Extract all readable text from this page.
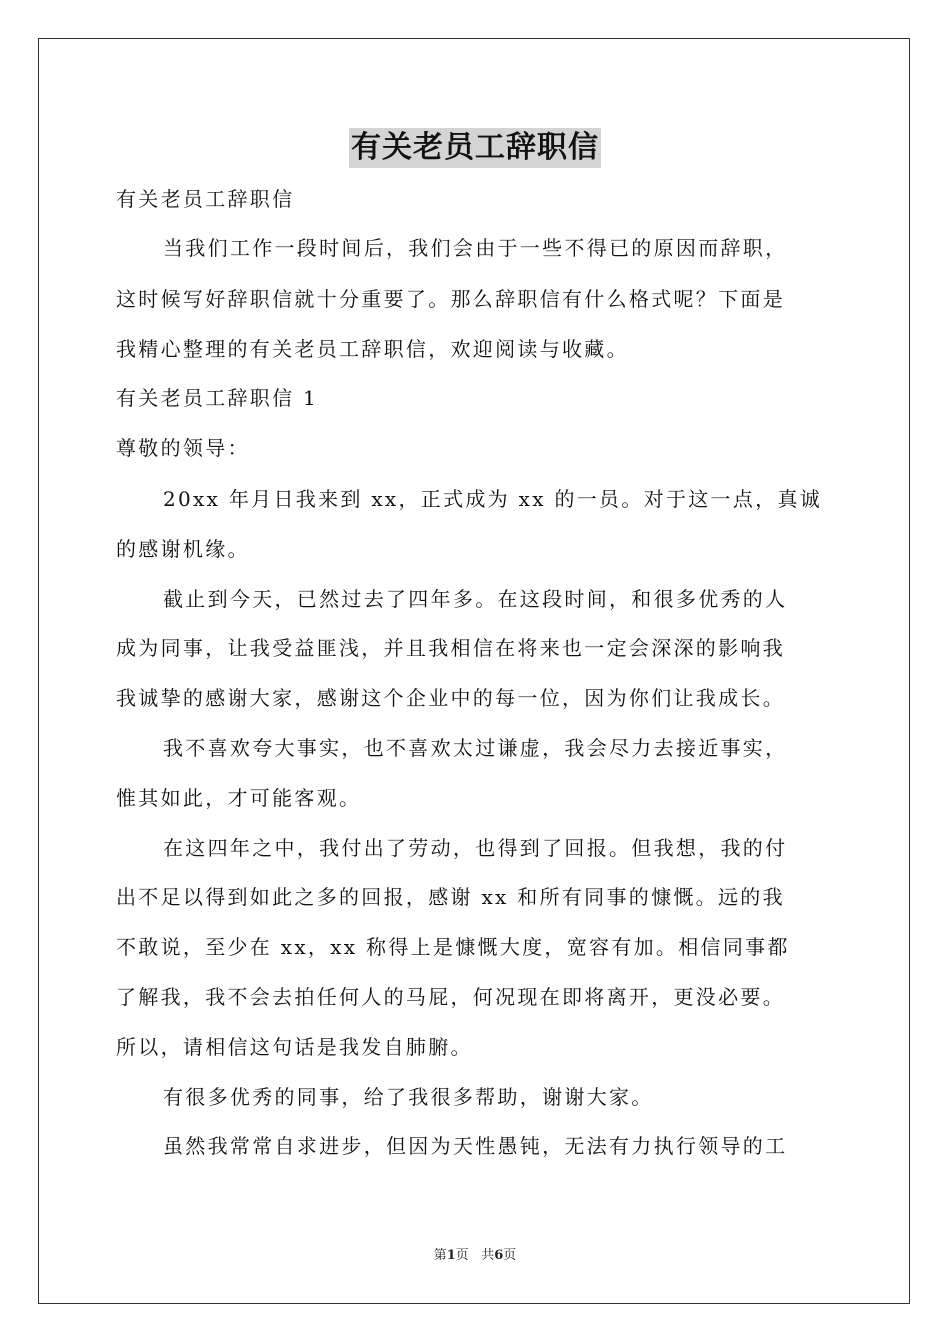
有关老员工辞职信
有关老员工辞职信
当我们工作一段时间后，我们会由于一些不得已的原因而辞职，
这时候写好辞职信就十分重要了。那么辞职信有什么格式呢？下面是
我精心整理的有关老员工辞职信，欢迎阅读与收藏。
有关老员工辞职信 1
尊敬的领导：
20xx 年月日我来到 xx，正式成为 xx 的一员。对于这一点，真诚
的感谢机缘。
截止到今天，已然过去了四年多。在这段时间，和很多优秀的人
成为同事，让我受益匪浅，并且我相信在将来也一定会深深的影响我
我诚挚的感谢大家，感谢这个企业中的每一位，因为你们让我成长。
我不喜欢夸大事实，也不喜欢太过谦虚，我会尽力去接近事实，
惟其如此，才可能客观。
在这四年之中，我付出了劳动，也得到了回报。但我想，我的付
出不足以得到如此之多的回报，感谢 xx 和所有同事的慷慨。远的我
不敢说，至少在 xx，xx 称得上是慷慨大度，宽容有加。相信同事都
了解我，我不会去拍任何人的马屁，何况现在即将离开，更没必要。
所以，请相信这句话是我发自肺腑。
有很多优秀的同事，给了我很多帮助，谢谢大家。
虽然我常常自求进步，但因为天性愚钝，无法有力执行领导的工
第1页 共6页
